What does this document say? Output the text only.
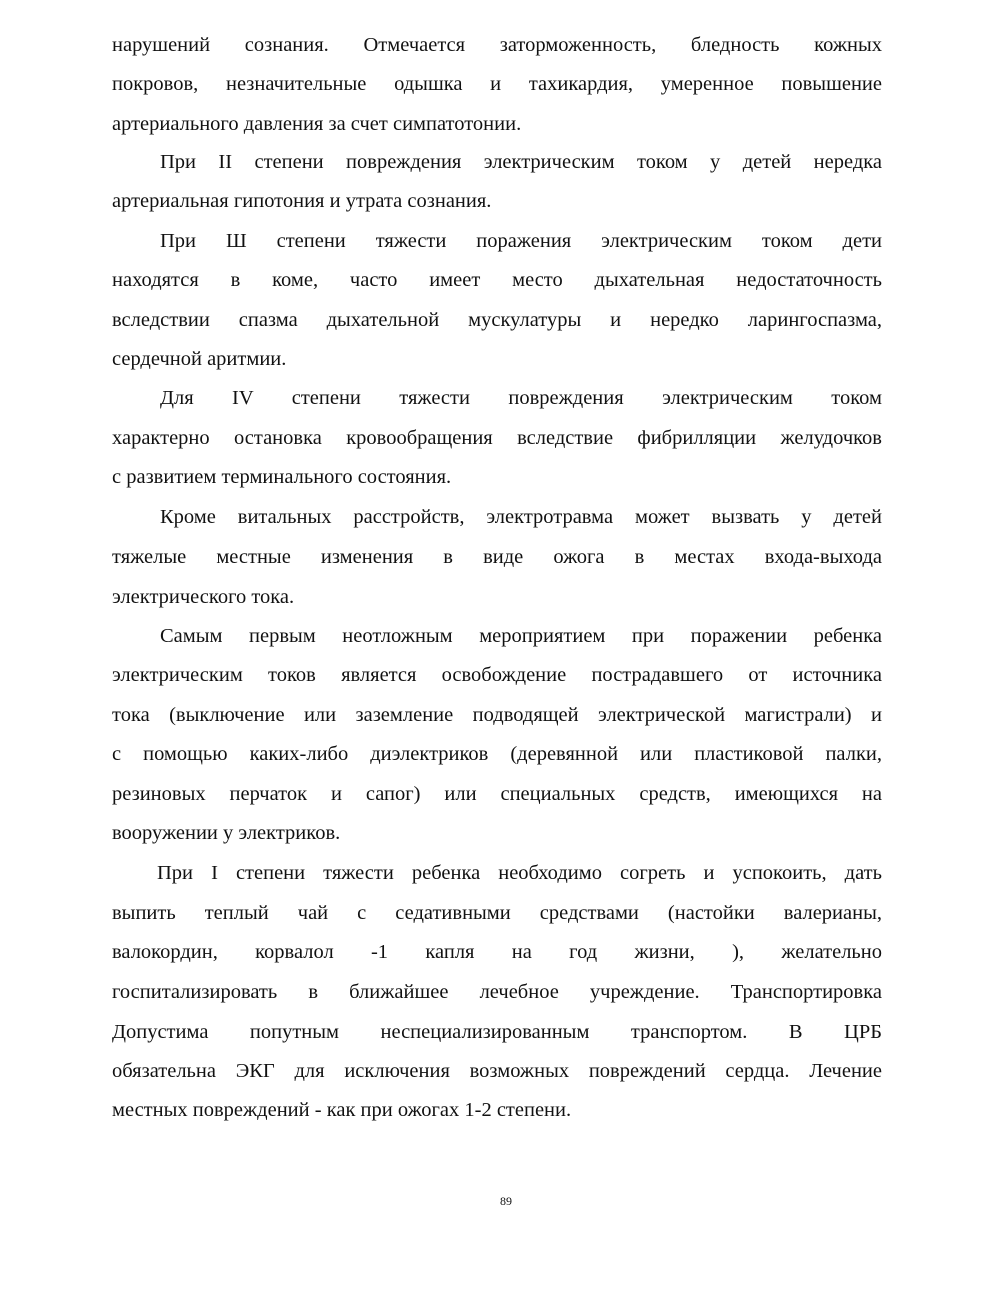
нарушений сознания. Отмечается заторможенность, бледность кожных
покровов, незначительные одышка и тахикардия, умеренное повышение
артериального давления за счет симпатотонии.
При II степени повреждения электрическим током у детей нередка
артериальная гипотония и утрата сознания.
При Ш степени тяжести поражения электрическим током дети
находятся в коме, часто имеет место дыхательная недостаточность
вследствии спазма дыхательной мускулатуры и нередко ларингоспазма,
сердечной аритмии.
Для IV степени тяжести повреждения электрическим током
характерно остановка кровообращения вследствие фибрилляции желудочков
с развитием терминального состояния.
Кроме витальных расстройств, электротравма может вызвать у детей
тяжелые местные изменения в виде ожога в местах входа-выхода
электрического тока.
Самым первым неотложным мероприятием при поражении ребенка
электрическим токов является освобождение пострадавшего от источника
тока (выключение или заземление подводящей электрической магистрали) и
с помощью каких-либо диэлектриков (деревянной или пластиковой палки,
резиновых перчаток и сапог) или специальных средств, имеющихся на
вооружении у электриков.
При I степени тяжести ребенка необходимо согреть и успокоить, дать
выпить теплый чай с седативными средствами (настойки валерианы,
валокордин, корвалол -1 капля на год жизни, ), желательно
госпитализировать в ближайшее лечебное учреждение. Транспортировка
Допустима попутным неспециализированным транспортом. В ЦРБ
обязательна ЭКГ для исключения возможных повреждений сердца. Лечение
местных повреждений - как при ожогах 1-2 степени.
89
